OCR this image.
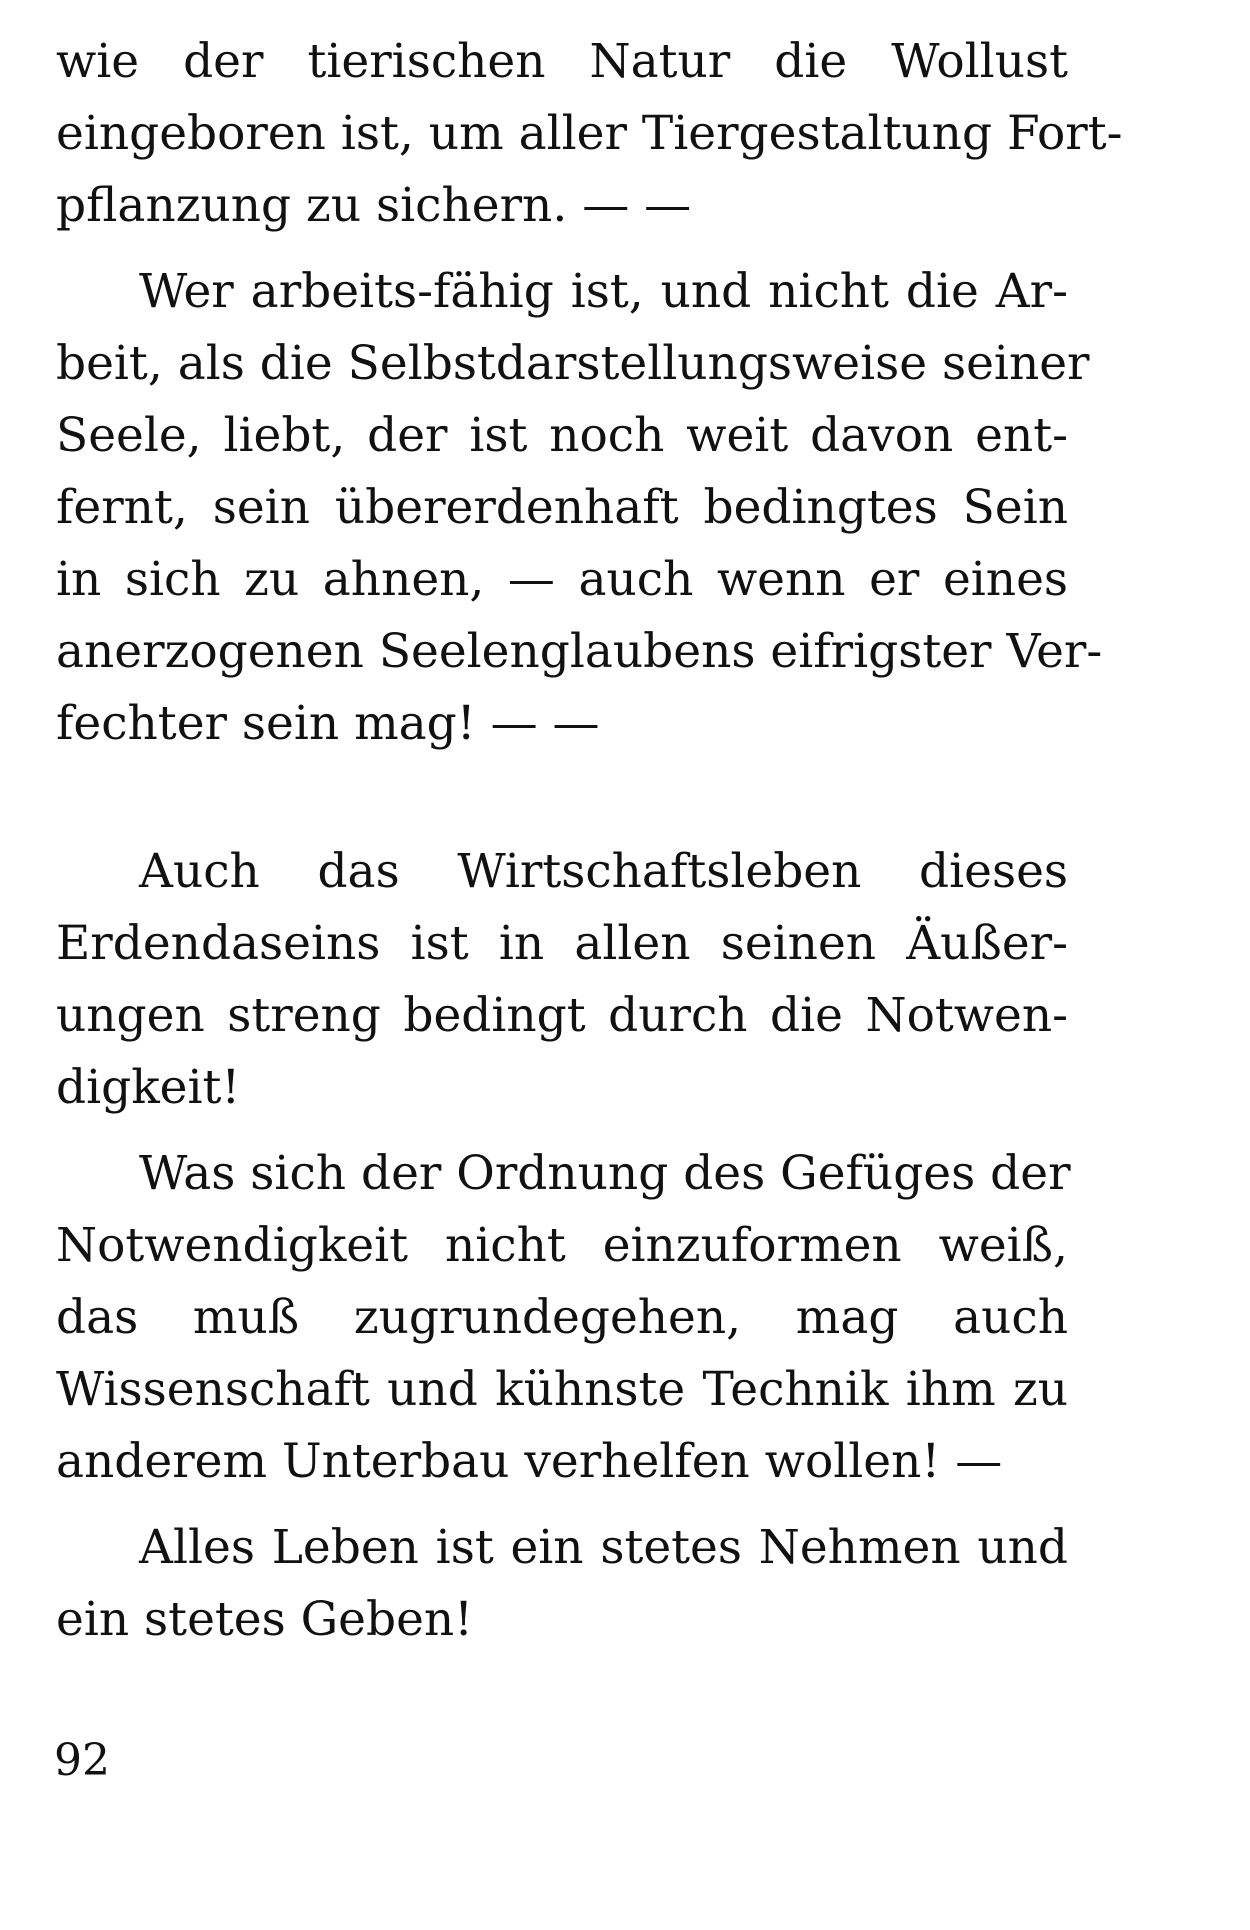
wie der tierischen Natur die Wollust
eingeboren ist, um aller Tiergestaltung Fort-
pflanzung zu sichern. — —
Wer arbeits-fähig ist, und nicht die Ar-
beit, als die Selbstdarstellungsweise seiner
Seele, liebt, der ist noch weit davon ent-
fernt, sein übererdenhaft bedingtes Sein
in sich zu ahnen, — auch wenn er eines
anerzogenen Seelenglaubens eifrigster Ver-
fechter sein mag! — —
Auch das Wirtschaftsleben dieses
Erdendaseins ist in allen seinen Äußer-
ungen streng bedingt durch die Notwen-
digkeit!
Was sich der Ordnung des Gefüges der
Notwendigkeit nicht einzuformen weiß,
das muß zugrundegehen, mag auch
Wissenschaft und kühnste Technik ihm zu
anderem Unterbau verhelfen wollen! —
Alles Leben ist ein stetes Nehmen und
ein stetes Geben!
92
